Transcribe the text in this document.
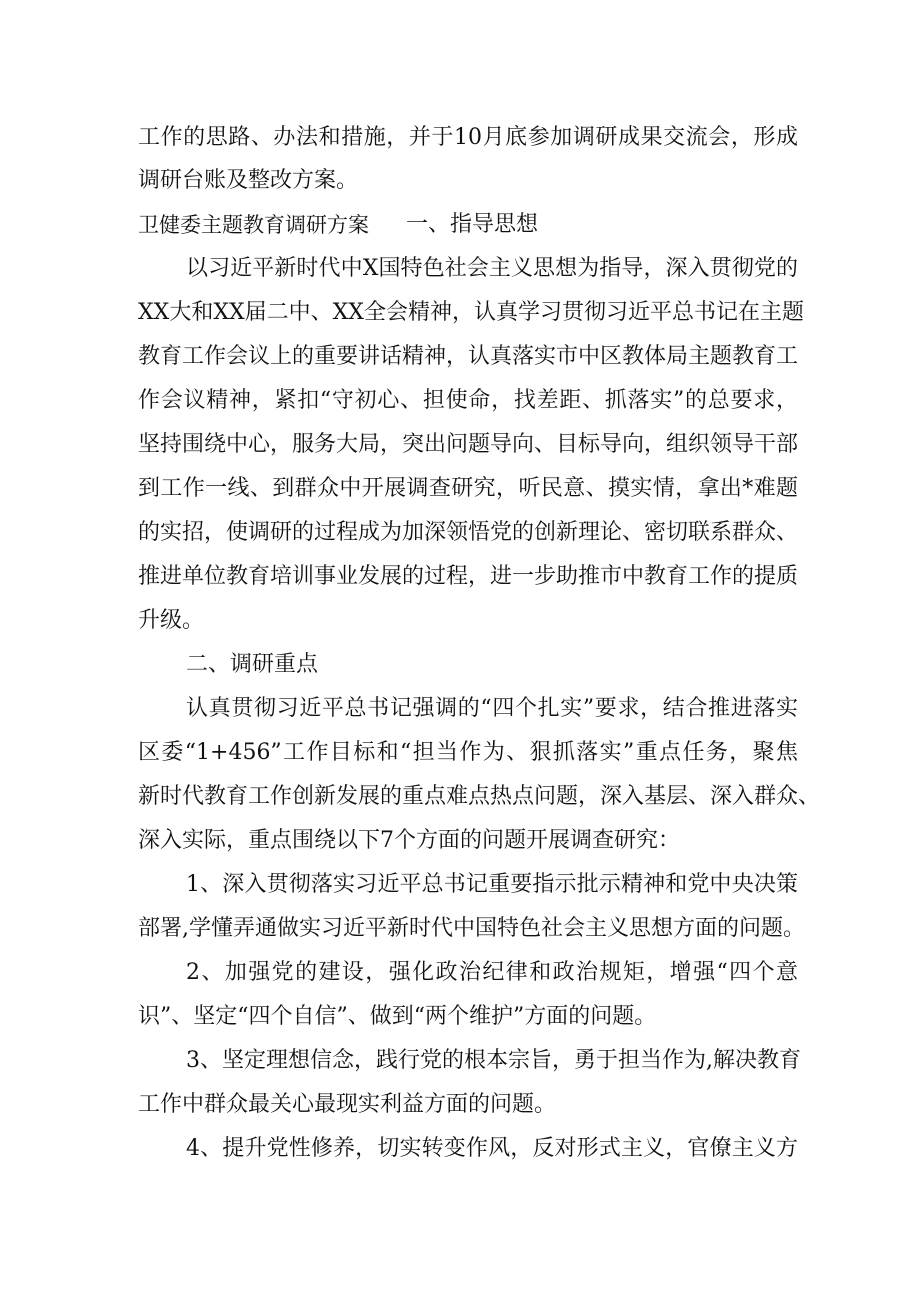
工作的思路、办法和措施，并于10月底参加调研成果交流会，形成
调研台账及整改方案。
卫健委主题教育调研方案 一、指导思想
以习近平新时代中X国特色社会主义思想为指导，深入贯彻党的
XX大和XX届二中、XX全会精神，认真学习贯彻习近平总书记在主题
教育工作会议上的重要讲话精神，认真落实市中区教体局主题教育工
作会议精神，紧扣“守初心、担使命，找差距、抓落实”的总要求，
坚持围绕中心，服务大局，突出问题导向、目标导向，组织领导干部
到工作一线、到群众中开展调查研究，听民意、摸实情，拿出*难题
的实招，使调研的过程成为加深领悟党的创新理论、密切联系群众、
推进单位教育培训事业发展的过程，进一步助推市中教育工作的提质
升级。
二、调研重点
认真贯彻习近平总书记强调的“四个扎实”要求，结合推进落实
区委“1+456”工作目标和“担当作为、狠抓落实”重点任务，聚焦
新时代教育工作创新发展的重点难点热点问题，深入基层、深入群众、
深入实际，重点围绕以下7个方面的问题开展调查研究：
1、深入贯彻落实习近平总书记重要指示批示精神和党中央决策
部署,学懂弄通做实习近平新时代中国特色社会主义思想方面的问题。
2、加强党的建设，强化政治纪律和政治规矩，增强“四个意
识”、坚定“四个自信”、做到“两个维护”方面的问题。
3、坚定理想信念，践行党的根本宗旨，勇于担当作为,解决教育
工作中群众最关心最现实利益方面的问题。
4、提升党性修养，切实转变作风，反对形式主义，官僚主义方
